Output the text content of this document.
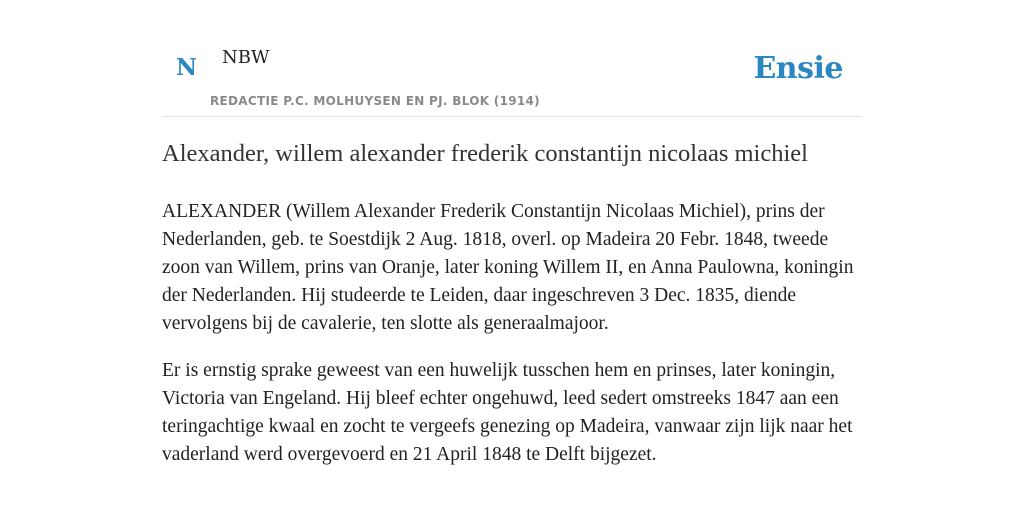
N NBW
REDACTIE P.C. MOLHUYSEN EN PJ. BLOK (1914)
Ensie
Alexander, willem alexander frederik constantijn nicolaas michiel

ALEXANDER (Willem Alexander Frederik Constantijn Nicolaas Michiel), prins der Nederlanden, geb. te Soestdijk 2 Aug. 1818, overl. op Madeira 20 Febr. 1848, tweede zoon van Willem, prins van Oranje, later koning Willem II, en Anna Paulowna, koningin der Nederlanden. Hij studeerde te Leiden, daar ingeschreven 3 Dec. 1835, diende vervolgens bij de cavalerie, ten slotte als generaalmajoor.

Er is ernstig sprake geweest van een huwelijk tusschen hem en prinses, later koningin, Victoria van Engeland. Hij bleef echter ongehuwd, leed sedert omstreeks 1847 aan een teringachtige kwaal en zocht te vergeefs genezing op Madeira, vanwaar zijn lijk naar het vaderland werd overgevoerd en 21 April 1848 te Delft bijgezet.
